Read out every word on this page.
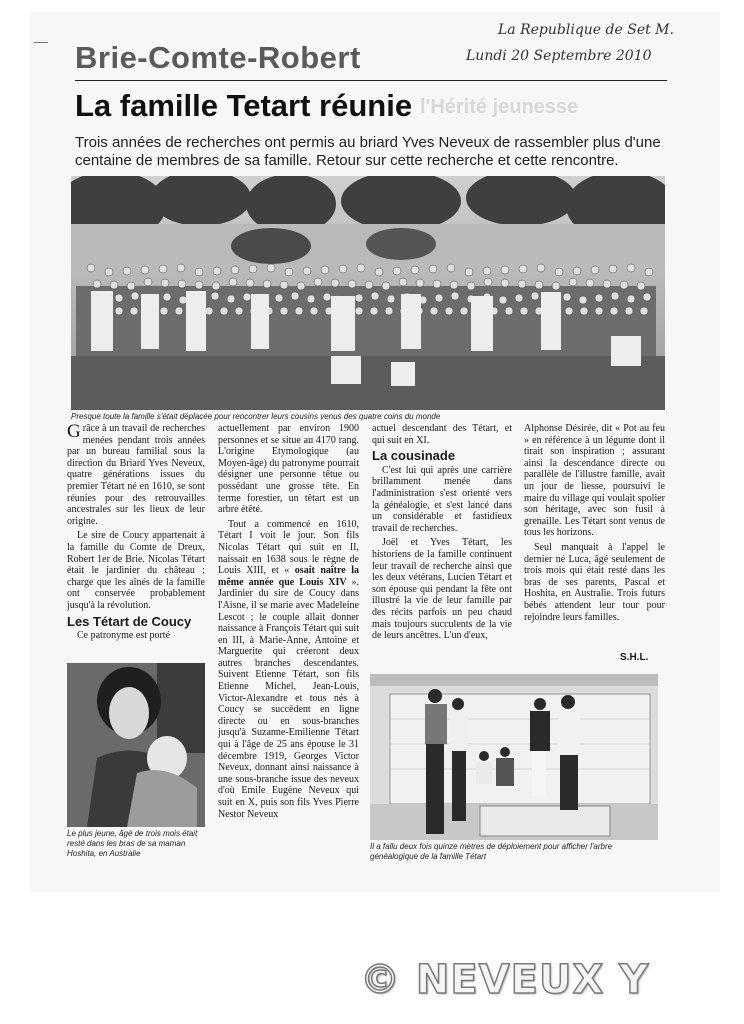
La Republique de Set M.
Lundi 20 Septembre 2010
Brie-Comte-Robert
l'Hérité jeunesse
La famille Tetart réunie
Trois années de recherches ont permis au briard Yves Neveux de rassembler plus d'une centaine de membres de sa famille. Retour sur cette recherche et cette rencontre.
Presque toute la famille s'était déplacée pour rencontrer leurs cousins venus des quatre coins du monde

Grâce à un travail de recherches menées pendant trois années par un bureau familial sous la direction du Briard Yves Neveux, quatre générations issues du premier Tétart né en 1610, se sont réunies pour des retrouvailles ancestrales sur les lieux de leur origine.

Le sire de Coucy appartenait à la famille du Comte de Dreux, Robert 1er de Brie. Nicolas Tétart était le jardinier du château ; charge que les aînés de la famille ont conservée probablement jusqu'à la révolution.

Les Tétart de Coucy

Ce patronyme est porté

Le plus jeune, âgé de trois mois était resté dans les bras de sa maman Hoshita, en Australie

actuellement par environ 1900 personnes et se situe au 4170 rang. L'origine Etymologique (au Moyen-âge) du patronyme pourrait désigner une personne têtue ou possédant une grosse tête. En terme forestier, un têtart est un arbre étêté.

Tout a commencé en 1610, Tétart I voit le jour. Son fils Nicolas Tétart qui suit en II, naissait en 1638 sous le règne de Louis XIII, et « osait naître la même année que Louis XIV ». Jardinier du sire de Coucy dans l'Aisne, il se marie avec Madeleine Lescot ; le couple allait donner naissance à François Tétart qui suit en III, à Marie-Anne, Antoine et Marguerite qui créeront deux autres branches descendantes. Suivent Etienne Tétart, son fils Etienne Michel, Jean-Louis, Victor-Alexandre et tous nés à Coucy se succèdent en ligne directe ou en sous-branches jusqu'à Suzanne-Emilienne Tétart qui à l'âge de 25 ans épouse le 31 décembre 1919, Georges Victor Neveux, donnant ainsi naissance à une sous-branche issue des neveux d'où Emile Eugène Neveux qui suit en X, puis son fils Yves Pierre Nestor Neveux

actuel descendant des Tétart, et qui suit en XI.

La cousinade

C'est lui qui après une carrière brillamment menée dans l'administration s'est orienté vers la généalogie, et s'est lancé dans un considérable et fastidieux travail de recherches.

Joël et Yves Tétart, les historiens de la famille continuent leur travail de recherche ainsi que les deux vétérans, Lucien Tétart et son épouse qui pendant la fête ont illustré la vie de leur famille par des récits parfois un peu chaud mais toujours succulents de la vie de leurs ancêtres. L'un d'eux,

Alphonse Désirée, dit « Pot au feu » en référence à un légume dont il tirait son inspiration ; assurant ainsi la descendance directe ou parallèle de l'illustre famille, avait un jour de liesse, poursuivi le maire du village qui voulait spolier son héritage, avec son fusil à grenaille. Les Tétart sont venus de tous les horizons.

Seul manquait à l'appel le dernier né Luca, âgé seulement de trois mois qui était resté dans les bras de ses parents, Pascal et Hoshita, en Australie. Trois futurs bébés attendent leur tour pour rejoindre leurs familles.

S.H.L.
Il a fallu deux fois quinze mètres de déploiement pour afficher l'arbre généalogique de la famille Tétart
© NEVEUX Y
